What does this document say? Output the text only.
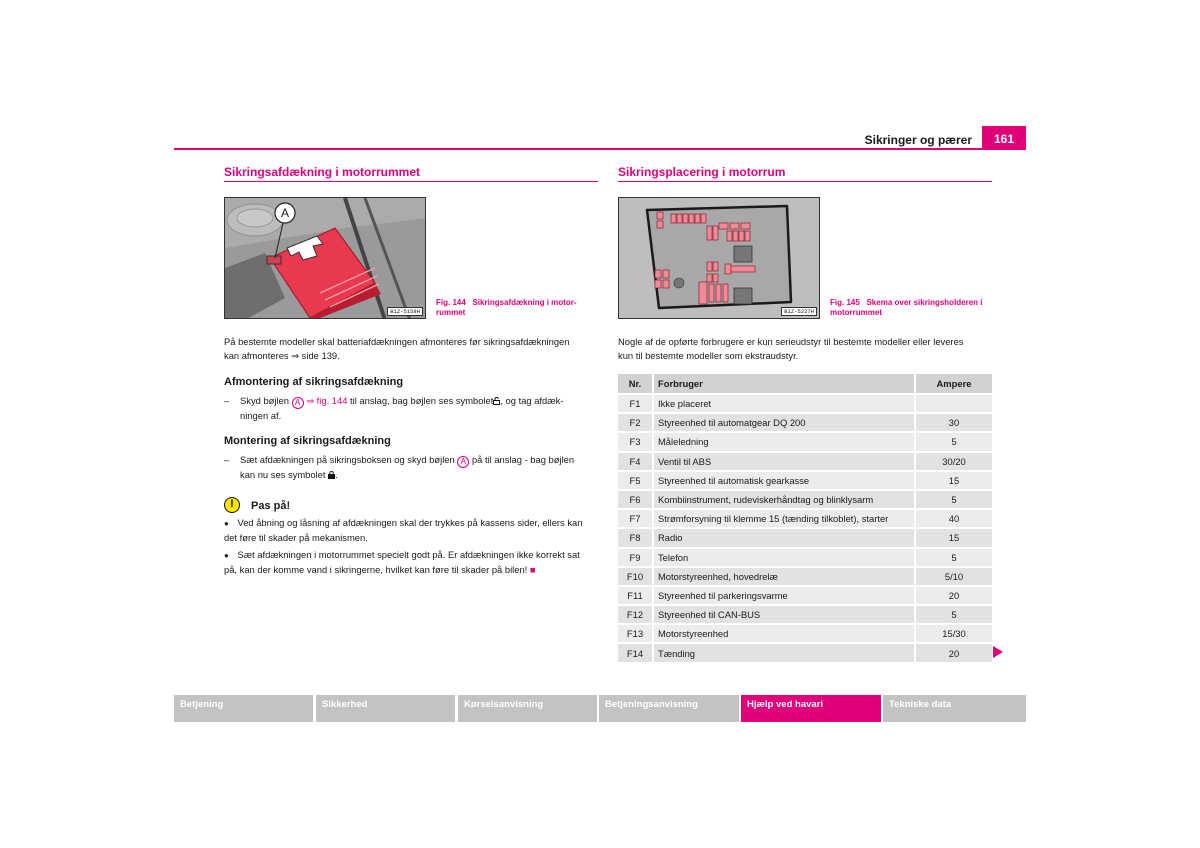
Sikringer og pærer	161
Sikringsafdækning i motorrummet
A
B1Z-5158H
Fig. 144 Sikringsafdækning i motor-
rummet
På bestemte modeller skal batteriafdækningen afmonteres før sikringsafdækningen
kan afmonteres ⇒ side 139.
Afmontering af sikringsafdækning
–	Skyd bøjlen A ⇒ fig. 144 til anslag, bag bøjlen ses symbolet , og tag afdæk-
ningen af.
Montering af sikringsafdækning
–	Sæt afdækningen på sikringsboksen og skyd bøjlen A på til anslag - bag bøjlen
kan nu ses symbolet .
!	Pas på!
● Ved åbning og låsning af afdækningen skal der trykkes på kassens sider, ellers kan
det føre til skader på mekanismen.
● Sæt afdækningen i motorrummet specielt godt på. Er afdækningen ikke korrekt sat
på, kan der komme vand i sikringerne, hvilket kan føre til skader på bilen! ■
Sikringsplacering i motorrum
B1Z-5227H
Fig. 145 Skema over sikringsholderen i
motorrummet
Nogle af de opførte forbrugere er kun serieudstyr til bestemte modeller eller leveres
kun til bestemte modeller som ekstraudstyr.
Nr.	Forbruger	Ampere
F1	Ikke placeret	
F2	Styreenhed til automatgear DQ 200	30
F3	Måleledning	5
F4	Ventil til ABS	30/20
F5	Styreenhed til automatisk gearkasse	15
F6	Kombiinstrument, rudeviskerhåndtag og blinklysarm	5
F7	Strømforsyning til klemme 15 (tænding tilkoblet), starter	40
F8	Radio	15
F9	Telefon	5
F10	Motorstyreenhed, hovedrelæ	5/10
F11	Styreenhed til parkeringsvarme	20
F12	Styreenhed til CAN-BUS	5
F13	Motorstyreenhed	15/30
F14	Tænding	20
Betjening	Sikkerhed	Kørselsanvisning	Betjeningsanvisning	Hjælp ved havari	Tekniske data
